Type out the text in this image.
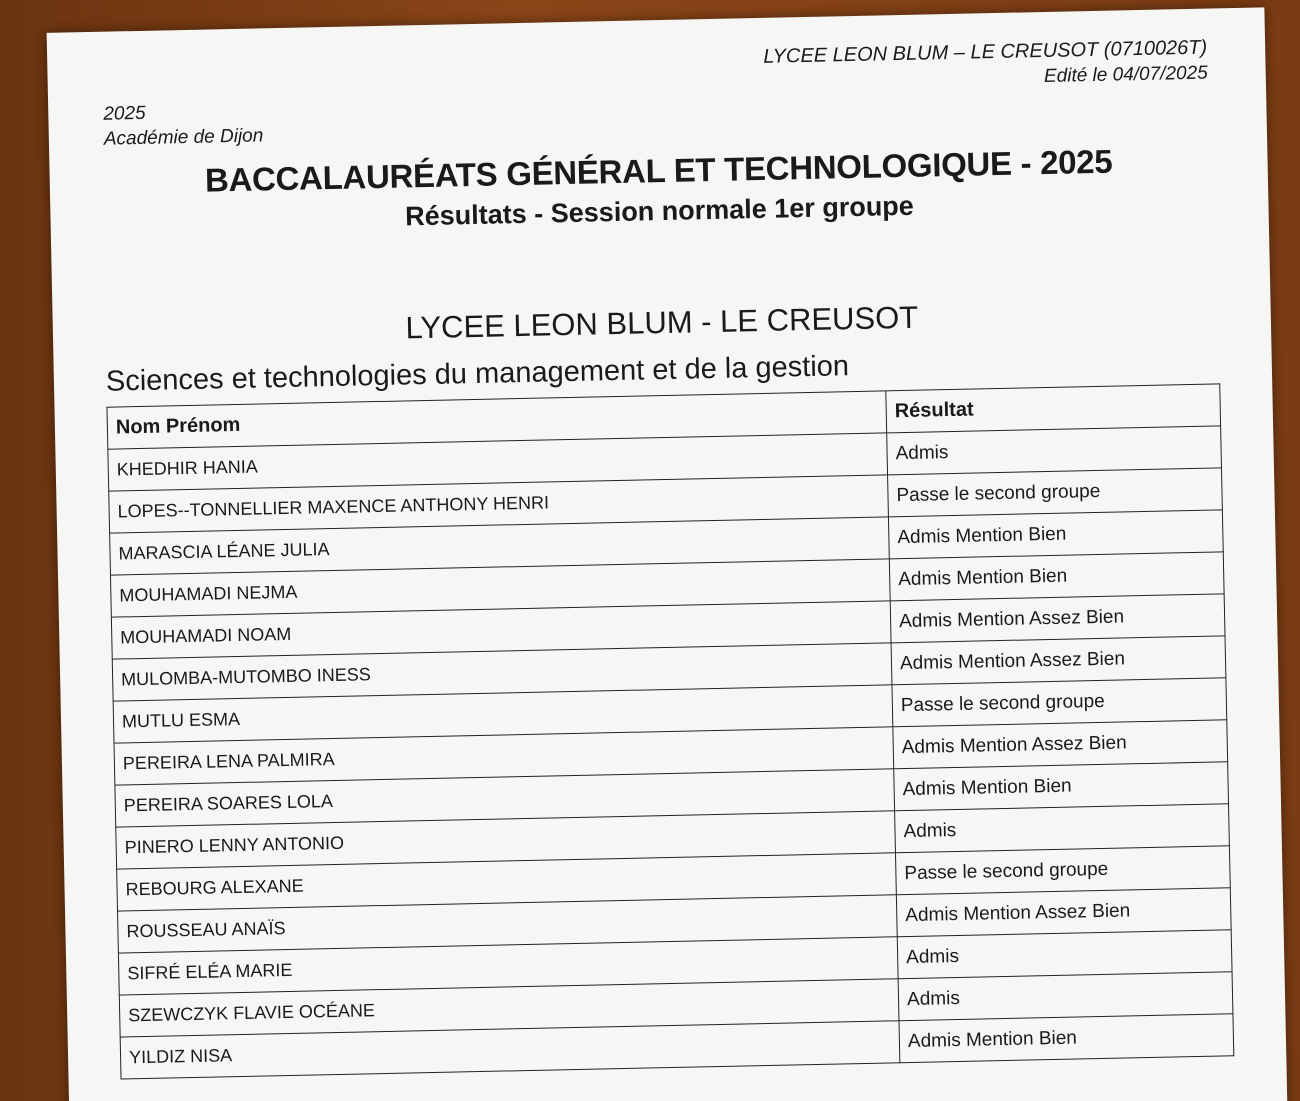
LYCEE LEON BLUM – LE CREUSOT (0710026T)
Edité le 04/07/2025
2025
Académie de Dijon
BACCALAURÉATS GÉNÉRAL ET TECHNOLOGIQUE - 2025
Résultats - Session normale 1er groupe
LYCEE LEON BLUM - LE CREUSOT
Sciences et technologies du management et de la gestion
Nom Prénom	Résultat
KHEDHIR HANIA	Admis
LOPES--TONNELLIER MAXENCE ANTHONY HENRI	Passe le second groupe
MARASCIA LÉANE JULIA	Admis Mention Bien
MOUHAMADI NEJMA	Admis Mention Bien
MOUHAMADI NOAM	Admis Mention Assez Bien
MULOMBA-MUTOMBO INESS	Admis Mention Assez Bien
MUTLU ESMA	Passe le second groupe
PEREIRA LENA PALMIRA	Admis Mention Assez Bien
PEREIRA SOARES LOLA	Admis Mention Bien
PINERO LENNY ANTONIO	Admis
REBOURG ALEXANE	Passe le second groupe
ROUSSEAU ANAÏS	Admis Mention Assez Bien
SIFRÉ ELÉA MARIE	Admis
SZEWCZYK FLAVIE OCÉANE	Admis
YILDIZ NISA	Admis Mention Bien
